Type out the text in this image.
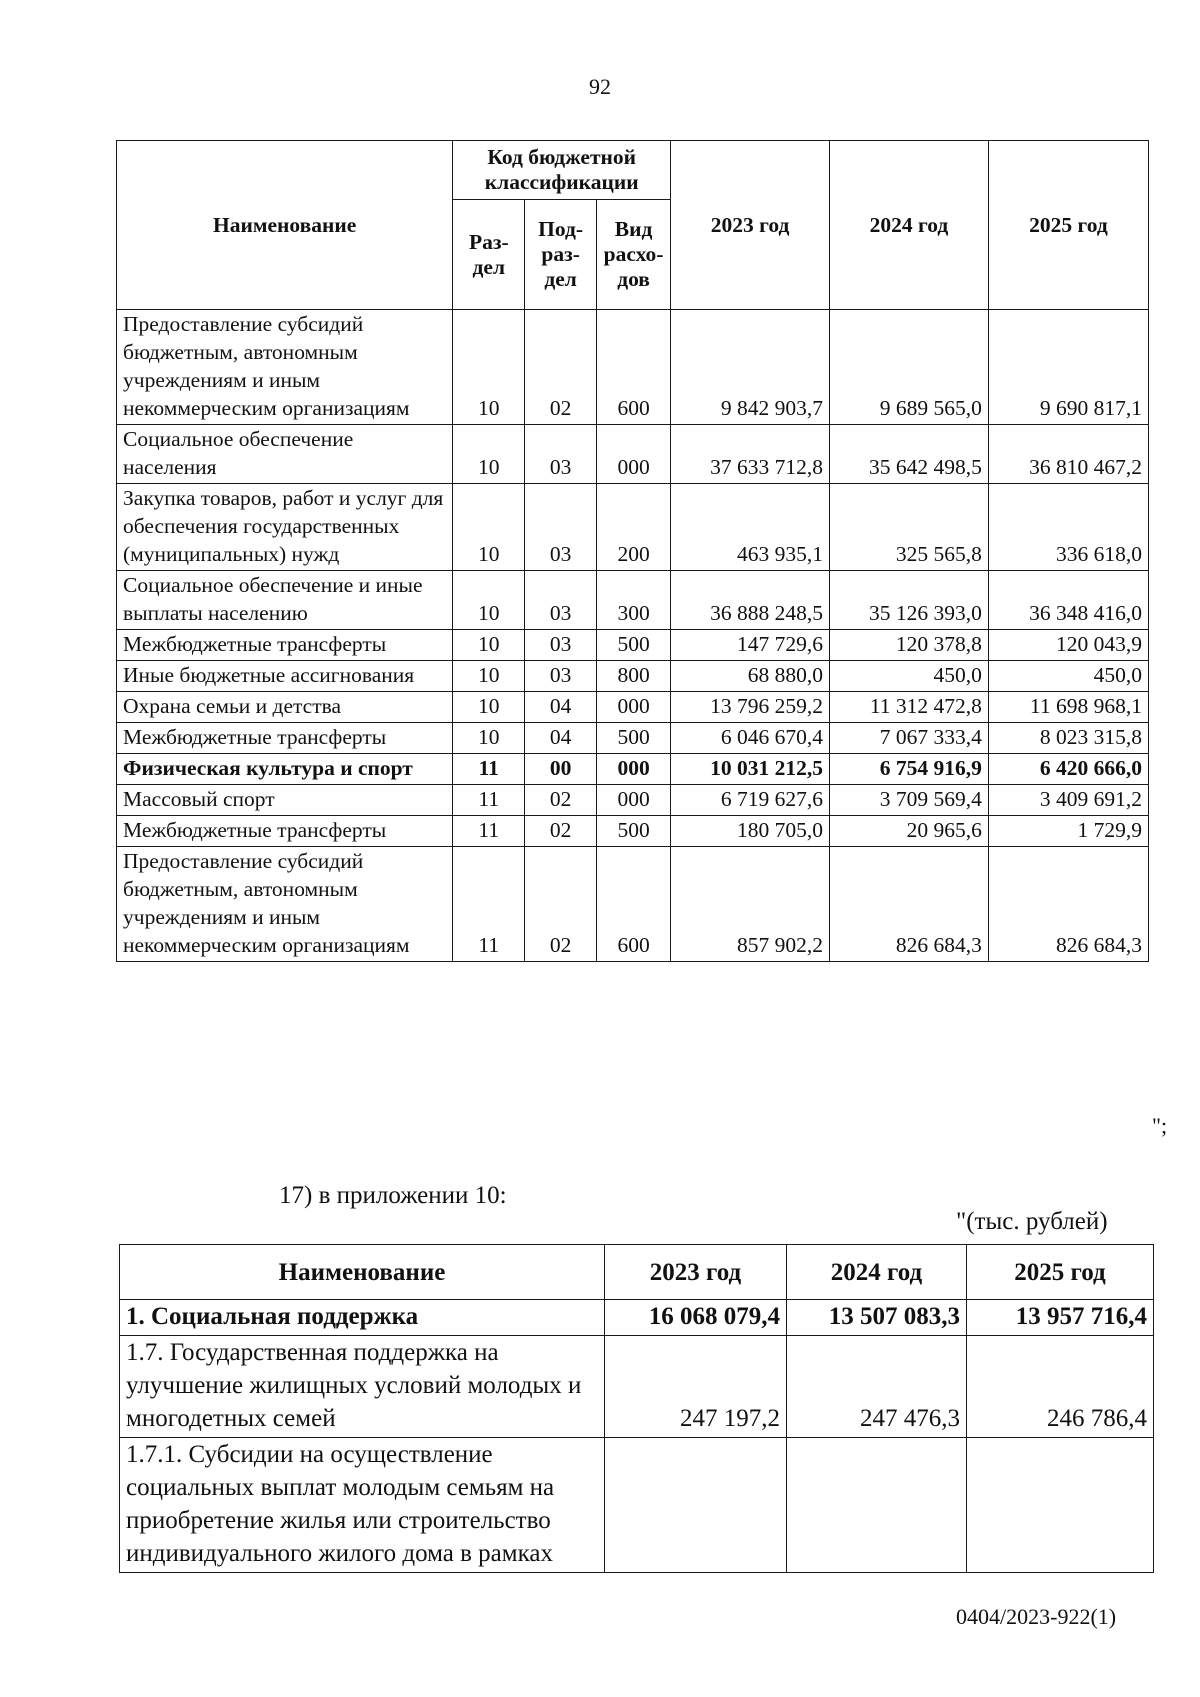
92
Наименование	Код бюджетной классификации			2023 год	2024 год	2025 год
	Раз-дел	Под-раз-дел	Вид расхо-дов			
Предоставление субсидий бюджетным, автономным учреждениям и иным некоммерческим организациям	10	02	600	9 842 903,7	9 689 565,0	9 690 817,1
Социальное обеспечение населения	10	03	000	37 633 712,8	35 642 498,5	36 810 467,2
Закупка товаров, работ и услуг для обеспечения государственных (муниципальных) нужд	10	03	200	463 935,1	325 565,8	336 618,0
Социальное обеспечение и иные выплаты населению	10	03	300	36 888 248,5	35 126 393,0	36 348 416,0
Межбюджетные трансферты	10	03	500	147 729,6	120 378,8	120 043,9
Иные бюджетные ассигнования	10	03	800	68 880,0	450,0	450,0
Охрана семьи и детства	10	04	000	13 796 259,2	11 312 472,8	11 698 968,1
Межбюджетные трансферты	10	04	500	6 046 670,4	7 067 333,4	8 023 315,8
Физическая культура и спорт	11	00	000	10 031 212,5	6 754 916,9	6 420 666,0
Массовый спорт	11	02	000	6 719 627,6	3 709 569,4	3 409 691,2
Межбюджетные трансферты	11	02	500	180 705,0	20 965,6	1 729,9
Предоставление субсидий бюджетным, автономным учреждениям и иным некоммерческим организациям	11	02	600	857 902,2	826 684,3	826 684,3
";
17) в приложении 10:
"(тыс. рублей)
Наименование	2023 год	2024 год	2025 год
1. Социальная поддержка	16 068 079,4	13 507 083,3	13 957 716,4
1.7. Государственная поддержка на улучшение жилищных условий молодых и многодетных семей	247 197,2	247 476,3	246 786,4
1.7.1. Субсидии на осуществление социальных выплат молодым семьям на приобретение жилья или строительство индивидуального жилого дома в рамках			
0404/2023-922(1)
